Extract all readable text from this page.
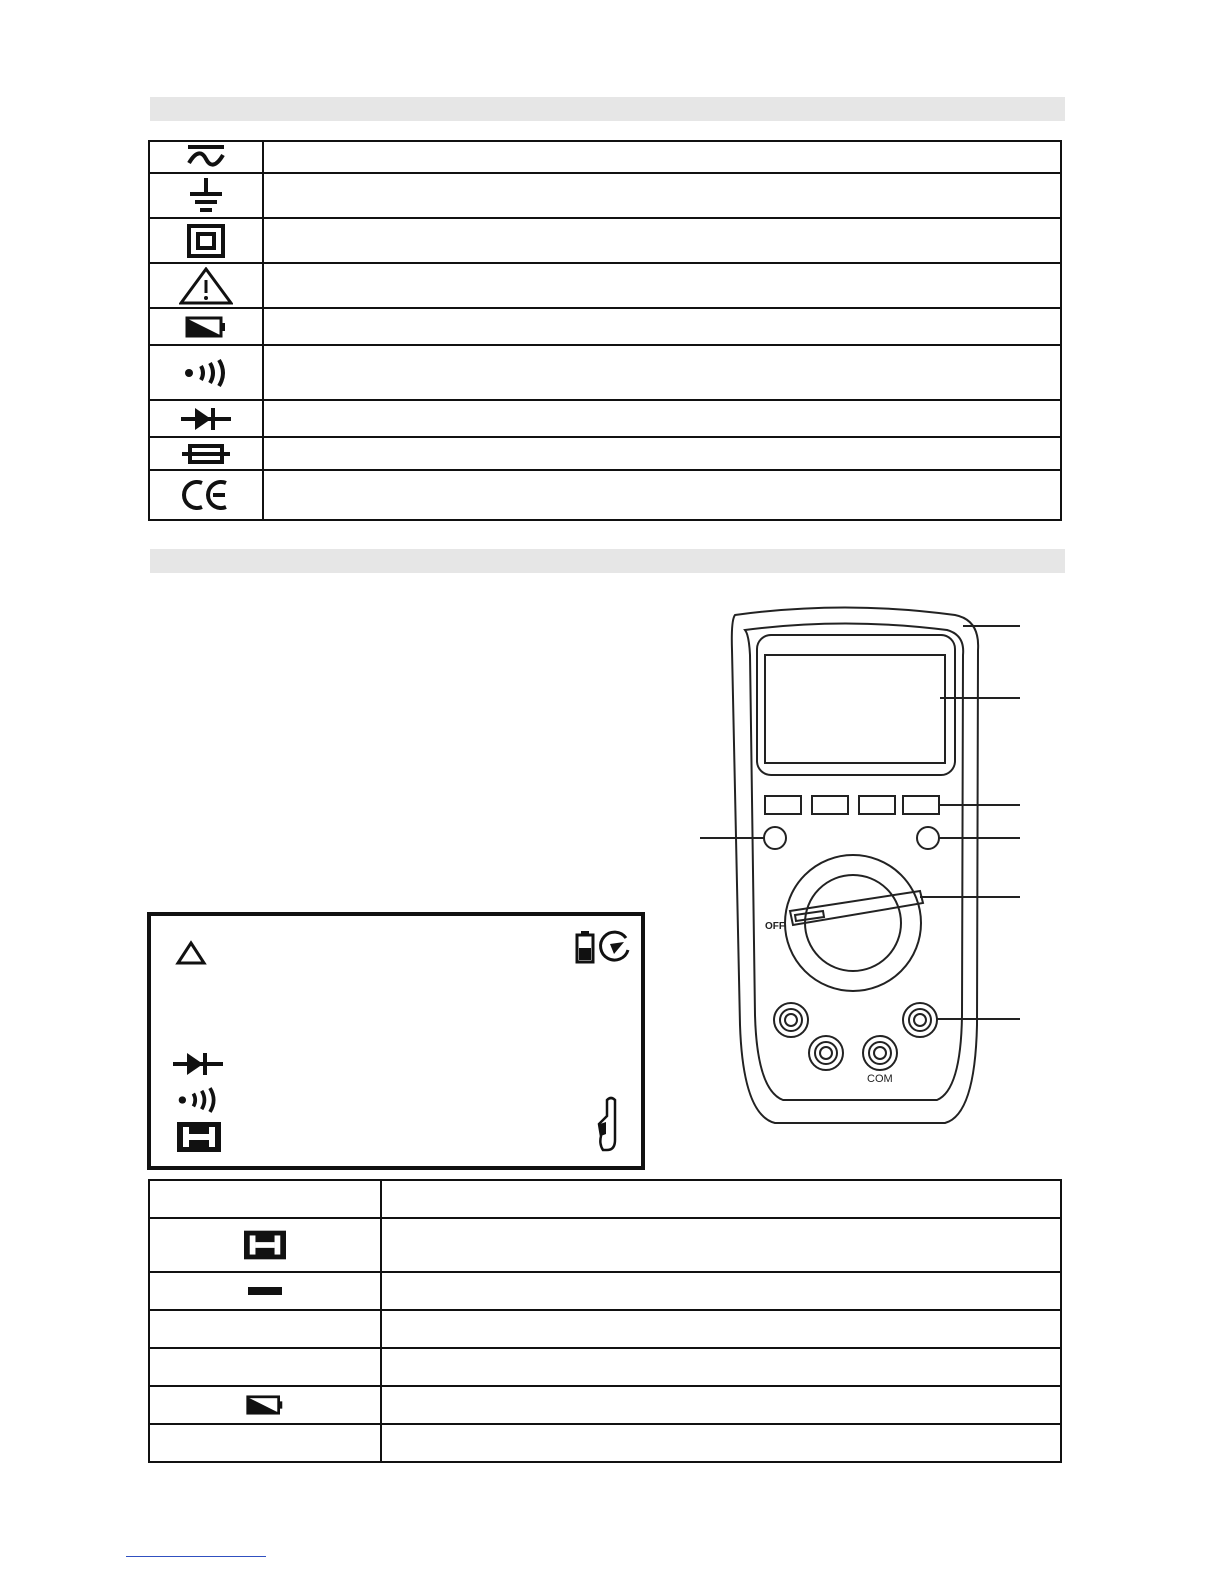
OFF
COM
